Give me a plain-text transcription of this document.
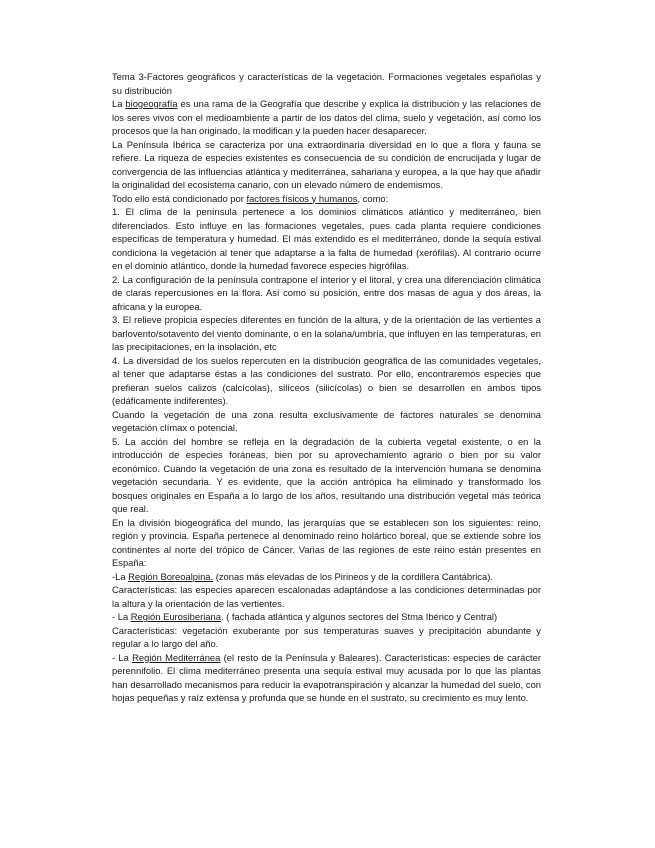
Tema 3-Factores geográficos y características de la vegetación. Formaciones vegetales españolas y su distribución

La biogeografía es una rama de la Geografía que describe y explica la distribución y las relaciones de los seres vivos con el medioambiente a partir de los datos del clima, suelo y vegetación, así como los procesos que la han originado, la modifican y la pueden hacer desaparecer.

La Península Ibérica se caracteriza por una extraordinaria diversidad en lo que a flora y fauna se refiere. La riqueza de especies existentes es consecuencia de su condición de encrucijada y lugar de convergencia de las influencias atlántica y mediterránea, sahariana y europea, a la que hay que añadir la originalidad del ecosistema canario, con un elevado número de endemismos.

Todo ello está condicionado por factores físicos y humanos, como:

1. El clima de la península pertenece a los dominios climáticos atlántico y mediterráneo, bien diferenciados. Esto influye en las formaciones vegetales, pues cada planta requiere condiciones específicas de temperatura y humedad. El más extendido es el mediterráneo, donde la sequía estival condiciona la vegetación al tener que adaptarse a la falta de humedad (xerófilas). Al contrario ocurre en el dominio atlántico, donde la humedad favorece especies higrófilas.

2. La configuración de la península contrapone el interior y el litoral, y crea una diferenciación climática de claras repercusiones en la flora. Así como su posición, entre dos masas de agua y dos áreas, la africana y la europea.

3. El relieve propicia especies diferentes en función de la altura, y de la orientación de las vertientes a barlovento/sotavento del viento dominante, o en la solana/umbría, que influyen en las temperaturas, en las precipitaciones, en la insolación, etc

4. La diversidad de los suelos repercuten en la distribución geográfica de las comunidades vegetales, al tener que adaptarse éstas a las condiciones del sustrato. Por ello, encontraremos especies que prefieran suelos calizos (calcícolas), silíceos (silicícolas) o bien se desarrollen en ambos tipos (edáficamente indiferentes).

Cuando la vegetación de una zona resulta exclusivamente de factores naturales se denomina vegetación clímax o potencial.

5. La acción del hombre se refleja en la degradación de la cubierta vegetal existente, o en la introducción de especies foráneas, bien por su aprovechamiento agrario o bien por su valor económico. Cuando la vegetación de una zona es resultado de la intervención humana se denomina vegetación secundaria. Y es evidente, que la acción antrópica ha eliminado y transformado los bosques originales en España a lo largo de los años, resultando una distribución vegetal más teórica que real.

En la división biogeográfica del mundo, las jerarquías que se establecen son los siguientes: reino, región y provincia. España pertenece al denominado reino holártico boreal, que se extiende sobre los continentes al norte del trópico de Cáncer. Varias de las regiones de este reino están presentes en España:

-La Región Boreoalpina. (zonas más elevadas de los Pirineos y de la cordillera Cantábrica).

Características: las especies aparecen escalonadas adaptándose a las condiciones determinadas por la altura y la orientación de las vertientes.

- La Región Eurosiberiana. ( fachada atlántica y algunos sectores del Stma Ibérico y Central)

Características: vegetación exuberante por sus temperaturas suaves y precipitación abundante y regular a lo largo del año.

- La Región Mediterránea (el resto de la Península y Baleares). Características: especies de carácter perennifolio. El clima mediterráneo presenta una sequía estival muy acusada por lo que las plantas han desarrollado mecanismos para reducir la evapotranspiración y alcanzar la humedad del suelo, con hojas pequeñas y raíz extensa y profunda que se hunde en el sustrato, su crecimiento es muy lento.
